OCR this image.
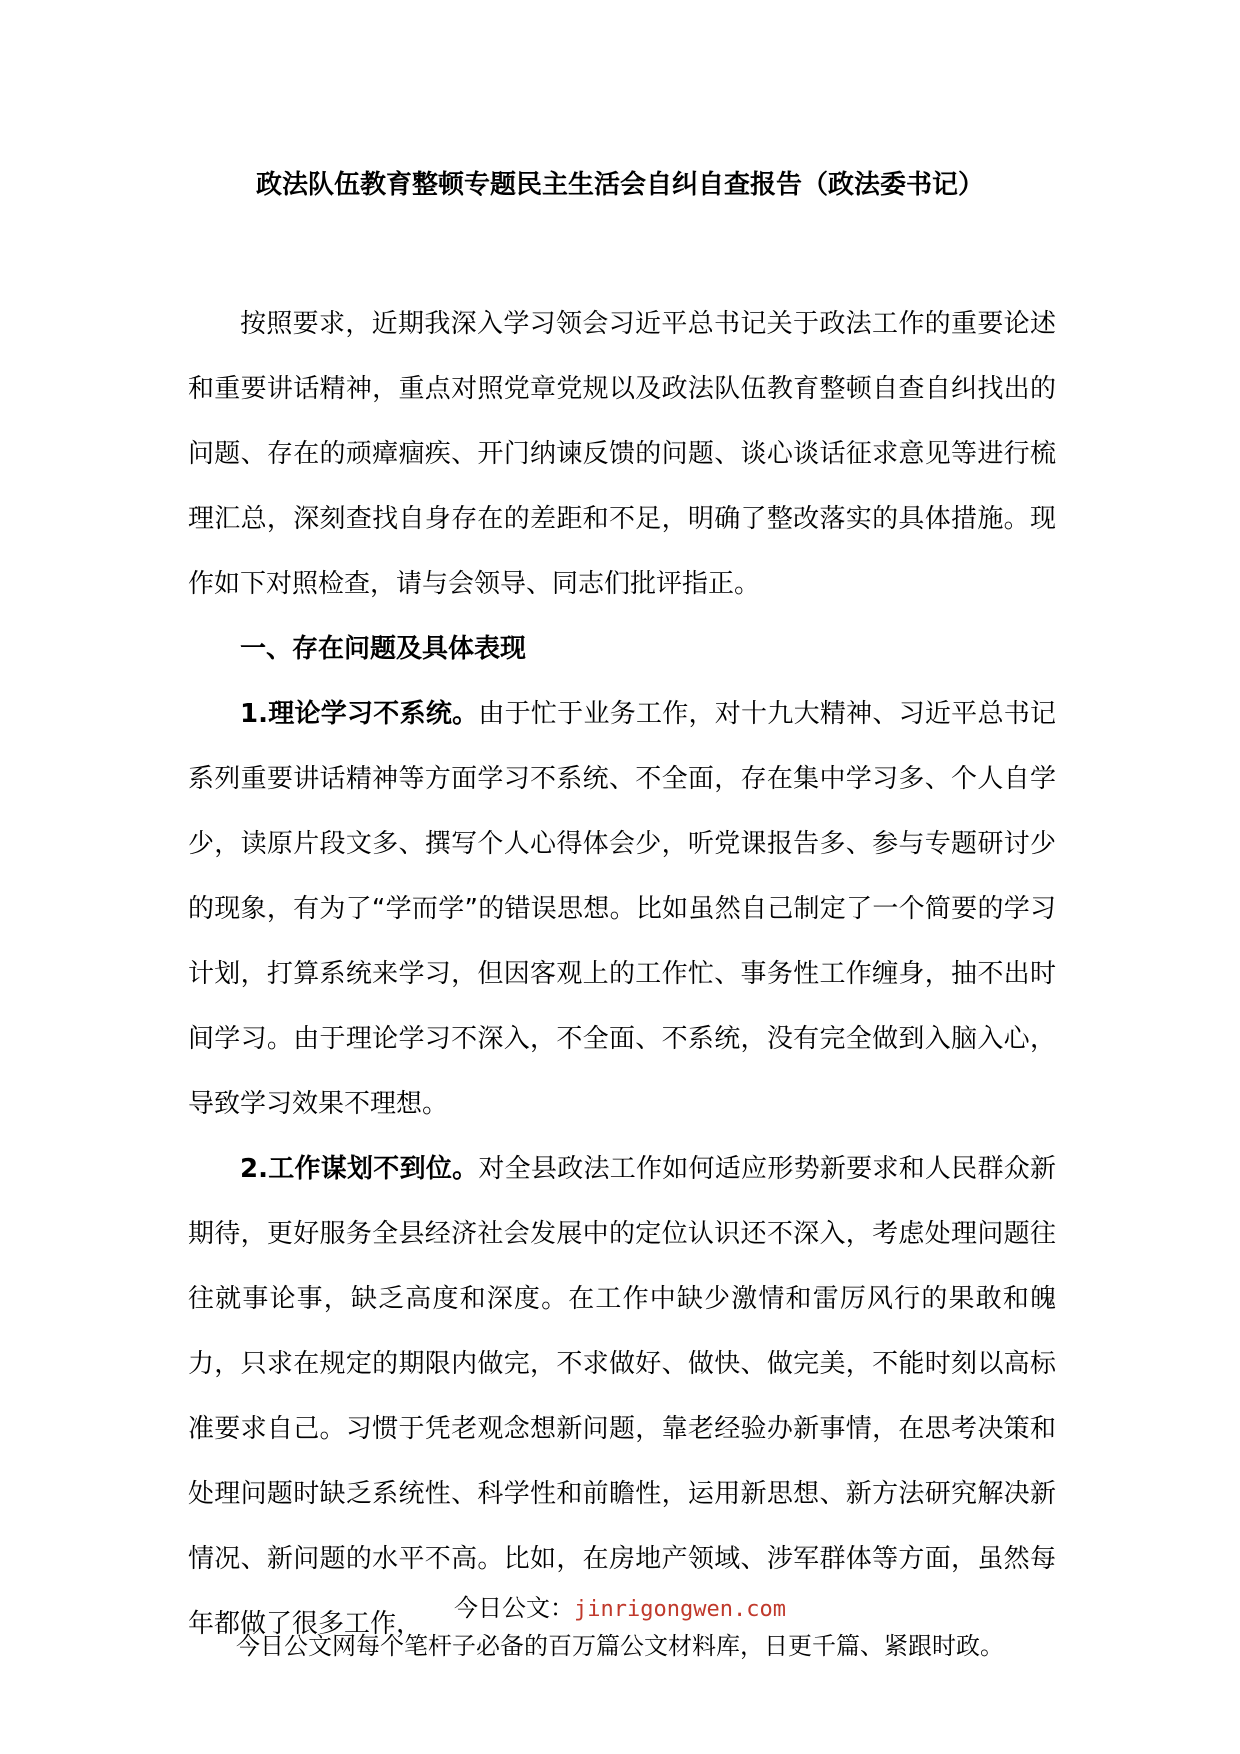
政法队伍教育整顿专题民主生活会自纠自查报告（政法委书记）

按照要求，近期我深入学习领会习近平总书记关于政法工作的重要论述和重要讲话精神，重点对照党章党规以及政法队伍教育整顿自查自纠找出的问题、存在的顽瘴痼疾、开门纳谏反馈的问题、谈心谈话征求意见等进行梳理汇总，深刻查找自身存在的差距和不足，明确了整改落实的具体措施。现作如下对照检查，请与会领导、同志们批评指正。

一、存在问题及具体表现

1.理论学习不系统。由于忙于业务工作，对十九大精神、习近平总书记系列重要讲话精神等方面学习不系统、不全面，存在集中学习多、个人自学少，读原片段文多、撰写个人心得体会少，听党课报告多、参与专题研讨少的现象，有为了“学而学”的错误思想。比如虽然自己制定了一个简要的学习计划，打算系统来学习，但因客观上的工作忙、事务性工作缠身，抽不出时间学习。由于理论学习不深入，不全面、不系统，没有完全做到入脑入心，导致学习效果不理想。

2.工作谋划不到位。对全县政法工作如何适应形势新要求和人民群众新期待，更好服务全县经济社会发展中的定位认识还不深入，考虑处理问题往往就事论事，缺乏高度和深度。在工作中缺少激情和雷厉风行的果敢和魄力，只求在规定的期限内做完，不求做好、做快、做完美，不能时刻以高标准要求自己。习惯于凭老观念想新问题，靠老经验办新事情，在思考决策和处理问题时缺乏系统性、科学性和前瞻性，运用新思想、新方法研究解决新情况、新问题的水平不高。比如，在房地产领域、涉军群体等方面，虽然每年都做了很多工作，

今日公文：jinrigongwen.com
今日公文网每个笔杆子必备的百万篇公文材料库，日更千篇、紧跟时政。
